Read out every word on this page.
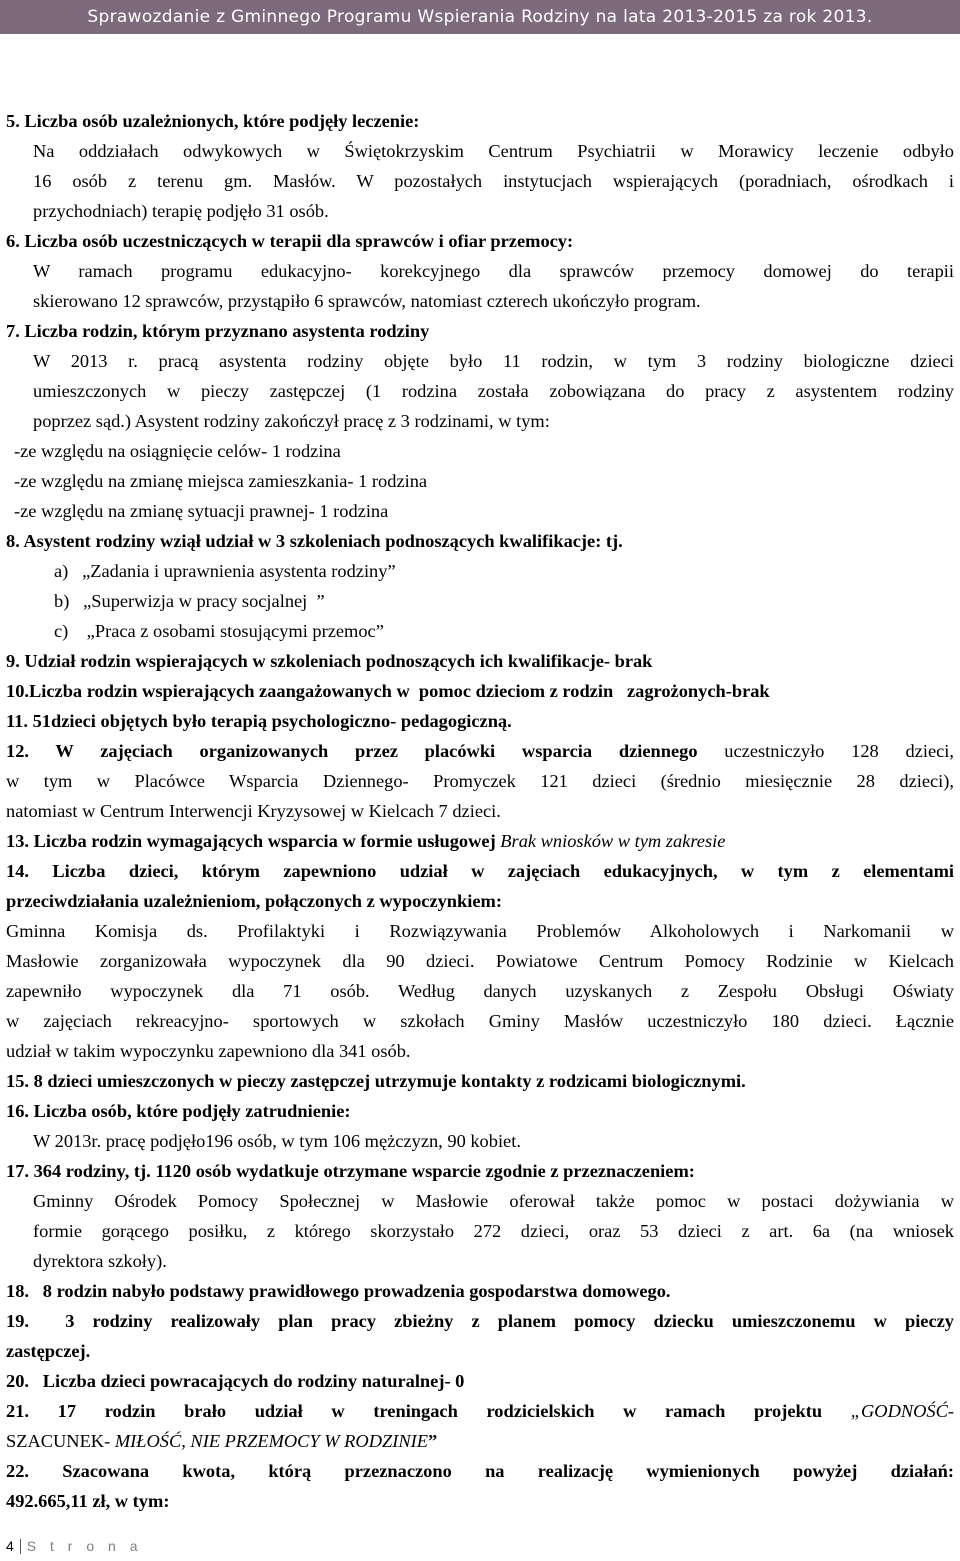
Sprawozdanie z Gminnego Programu Wspierania Rodziny na lata 2013-2015 za rok 2013.

5. Liczba osób uzależnionych, które podjęły leczenie:

Na oddziałach odwykowych w Świętokrzyskim Centrum Psychiatrii w Morawicy leczenie odbyło

16 osób z terenu gm. Masłów. W pozostałych instytucjach wspierających (poradniach, ośrodkach i

przychodniach) terapię podjęło 31 osób.

6. Liczba osób uczestniczących w terapii dla sprawców i ofiar przemocy:

W ramach programu edukacyjno- korekcyjnego dla sprawców przemocy domowej do terapii

skierowano 12 sprawców, przystąpiło 6 sprawców, natomiast czterech ukończyło program.

7. Liczba rodzin, którym przyznano asystenta rodziny

W 2013 r. pracą asystenta rodziny objęte było 11 rodzin, w tym 3 rodziny biologiczne dzieci

umieszczonych w pieczy zastępczej (1 rodzina została zobowiązana do pracy z asystentem rodziny

poprzez sąd.) Asystent rodziny zakończył pracę z 3 rodzinami, w tym:

-ze względu na osiągnięcie celów- 1 rodzina

-ze względu na zmianę miejsca zamieszkania- 1 rodzina

-ze względu na zmianę sytuacji prawnej- 1 rodzina

8. Asystent rodziny wziął udział w 3 szkoleniach podnoszących kwalifikacje: tj.

a)   „Zadania i uprawnienia asystenta rodziny”

b)   „Superwizja w pracy socjalnej  ”

c)    „Praca z osobami stosującymi przemoc”

9. Udział rodzin wspierających w szkoleniach podnoszących ich kwalifikacje- brak

10.Liczba rodzin wspierających zaangażowanych w  pomoc dzieciom z rodzin   zagrożonych-brak

11. 51dzieci objętych było terapią psychologiczno- pedagogiczną.

12. W zajęciach organizowanych przez placówki wsparcia dziennego uczestniczyło 128 dzieci,

w tym w Placówce Wsparcia Dziennego- Promyczek 121 dzieci (średnio miesięcznie 28 dzieci),

natomiast w Centrum Interwencji Kryzysowej w Kielcach 7 dzieci.

13. Liczba rodzin wymagających wsparcia w formie usługowej Brak wniosków w tym zakresie

14. Liczba dzieci, którym zapewniono udział w zajęciach edukacyjnych, w tym z elementami

przeciwdziałania uzależnieniom, połączonych z wypoczynkiem:

Gminna Komisja ds. Profilaktyki i Rozwiązywania Problemów Alkoholowych i Narkomanii w

Masłowie zorganizowała wypoczynek dla 90 dzieci. Powiatowe Centrum Pomocy Rodzinie w Kielcach

zapewniło wypoczynek dla 71 osób. Według danych uzyskanych z Zespołu Obsługi Oświaty

w zajęciach rekreacyjno- sportowych w szkołach Gminy Masłów uczestniczyło 180 dzieci. Łącznie

udział w takim wypoczynku zapewniono dla 341 osób.

15. 8 dzieci umieszczonych w pieczy zastępczej utrzymuje kontakty z rodzicami biologicznymi.

16. Liczba osób, które podjęły zatrudnienie:

W 2013r. pracę podjęło196 osób, w tym 106 mężczyzn, 90 kobiet.

17. 364 rodziny, tj. 1120 osób wydatkuje otrzymane wsparcie zgodnie z przeznaczeniem:

Gminny Ośrodek Pomocy Społecznej w Masłowie oferował także pomoc w postaci dożywiania w

formie gorącego posiłku, z którego skorzystało 272 dzieci, oraz 53 dzieci z art. 6a (na wniosek

dyrektora szkoły).

18.   8 rodzin nabyło podstawy prawidłowego prowadzenia gospodarstwa domowego.

19.  3 rodziny realizowały plan pracy zbieżny z planem pomocy dziecku umieszczonemu w pieczy

zastępczej.

20.   Liczba dzieci powracających do rodziny naturalnej- 0

21. 17 rodzin brało udział w treningach rodzicielskich w ramach projektu „GODNOŚĆ-

SZACUNEK- MIŁOŚĆ, NIE PRZEMOCY W RODZINIE”

22. Szacowana kwota, którą przeznaczono na realizację wymienionych powyżej działań:

492.665,11 zł, w tym:

4 S t r o n a
